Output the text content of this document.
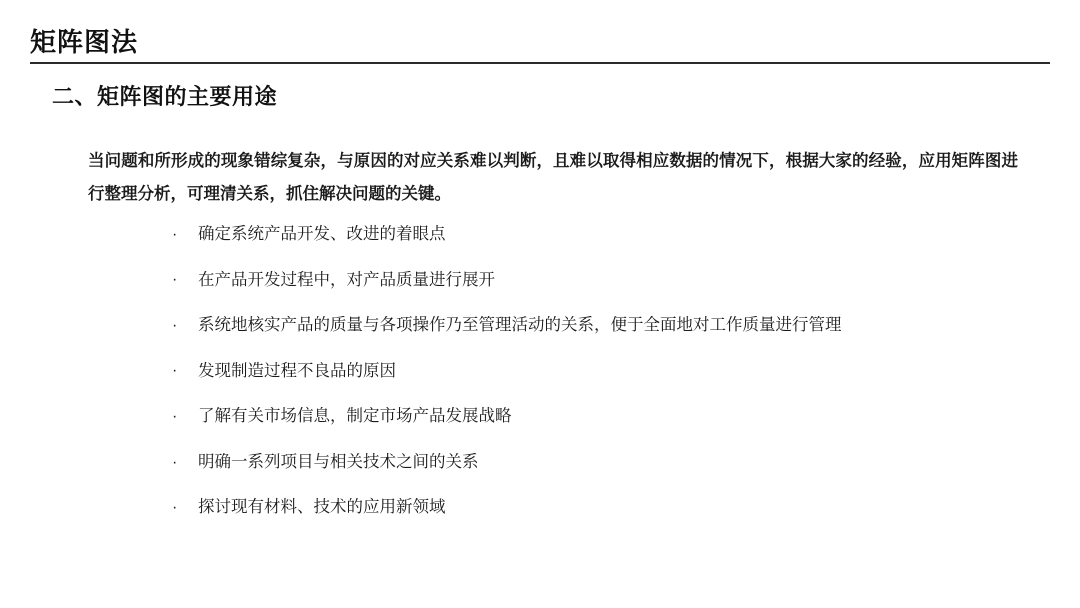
矩阵图法
二、矩阵图的主要用途
当问题和所形成的现象错综复杂，与原因的对应关系难以判断，且难以取得相应数据的情况下，根据大家的经验，应用矩阵图进行整理分析，可理清关系，抓住解决问题的关键。
· 确定系统产品开发、改进的着眼点
· 在产品开发过程中，对产品质量进行展开
· 系统地核实产品的质量与各项操作乃至管理活动的关系，便于全面地对工作质量进行管理
· 发现制造过程不良品的原因
· 了解有关市场信息，制定市场产品发展战略
· 明确一系列项目与相关技术之间的关系
· 探讨现有材料、技术的应用新领域
